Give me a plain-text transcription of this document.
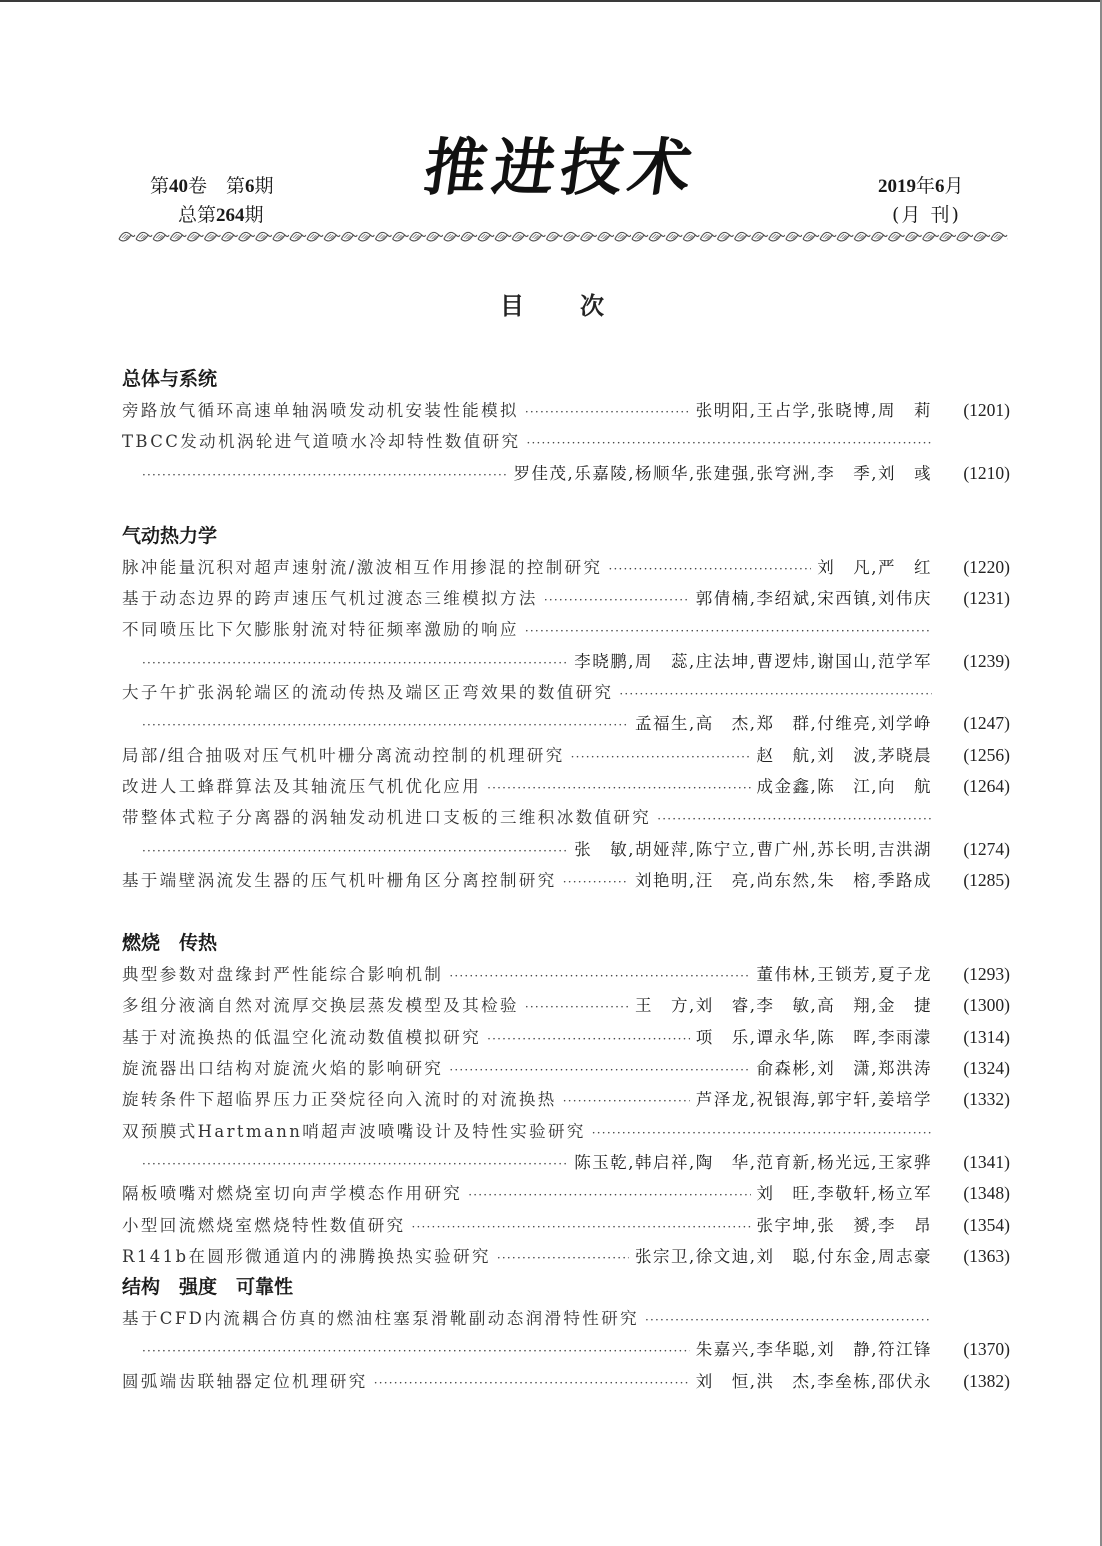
第40卷　第6期
总第264期
推进技术	2019年6月
(月 刊)
目 次
总体与系统
旁路放气循环高速单轴涡喷发动机安装性能模拟 ·····	张明阳,王占学,张晓博,周　莉	(1201)
TBCC发动机涡轮进气道喷水冷却特性数值研究
·····
·····
罗佳茂,乐嘉陵,杨顺华,张建强,张穹洲,李　季,刘　彧	(1210)
气动热力学
脉冲能量沉积对超声速射流/激波相互作用掺混的控制研究 ·····	刘　凡,严　红	(1220)
基于动态边界的跨声速压气机过渡态三维模拟方法 ·····	郭倩楠,李绍斌,宋西镇,刘伟庆	(1231)
不同喷压比下欠膨胀射流对特征频率激励的响应
·····
·····
李晓鹏,周　蕊,庄法坤,曹逻炜,谢国山,范学军	(1239)
大子午扩张涡轮端区的流动传热及端区正弯效果的数值研究
·····
·····
孟福生,高　杰,郑　群,付维亮,刘学峥	(1247)
局部/组合抽吸对压气机叶栅分离流动控制的机理研究 ·····	赵　航,刘　波,茅晓晨	(1256)
改进人工蜂群算法及其轴流压气机优化应用 ·····	成金鑫,陈　江,向　航	(1264)
带整体式粒子分离器的涡轴发动机进口支板的三维积冰数值研究
·····
·····
张　敏,胡娅萍,陈宁立,曹广州,苏长明,吉洪湖	(1274)
基于端壁涡流发生器的压气机叶栅角区分离控制研究 ·····	刘艳明,汪　亮,尚东然,朱　榕,季路成	(1285)
燃烧　传热
典型参数对盘缘封严性能综合影响机制 ·····	董伟林,王锁芳,夏子龙	(1293)
多组分液滴自然对流厚交换层蒸发模型及其检验 ·····	王　方,刘　睿,李　敏,高　翔,金　捷	(1300)
基于对流换热的低温空化流动数值模拟研究 ·····	项　乐,谭永华,陈　晖,李雨濛	(1314)
旋流器出口结构对旋流火焰的影响研究 ·····	俞森彬,刘　潇,郑洪涛	(1324)
旋转条件下超临界压力正癸烷径向入流时的对流换热 ·····	芦泽龙,祝银海,郭宇轩,姜培学	(1332)
双预膜式Hartmann哨超声波喷嘴设计及特性实验研究
·····
·····
陈玉乾,韩启祥,陶　华,范育新,杨光远,王家骅	(1341)
隔板喷嘴对燃烧室切向声学模态作用研究 ·····	刘　旺,李敬轩,杨立军	(1348)
小型回流燃烧室燃烧特性数值研究 ·····	张宇坤,张　赟,李　昂	(1354)
R141b在圆形微通道内的沸腾换热实验研究 ·····	张宗卫,徐文迪,刘　聪,付东金,周志豪	(1363)
结构　强度　可靠性
基于CFD内流耦合仿真的燃油柱塞泵滑靴副动态润滑特性研究
·····
·····
朱嘉兴,李华聪,刘　静,符江锋	(1370)
圆弧端齿联轴器定位机理研究 ·····	刘　恒,洪　杰,李垒栋,邵伏永	(1382)
